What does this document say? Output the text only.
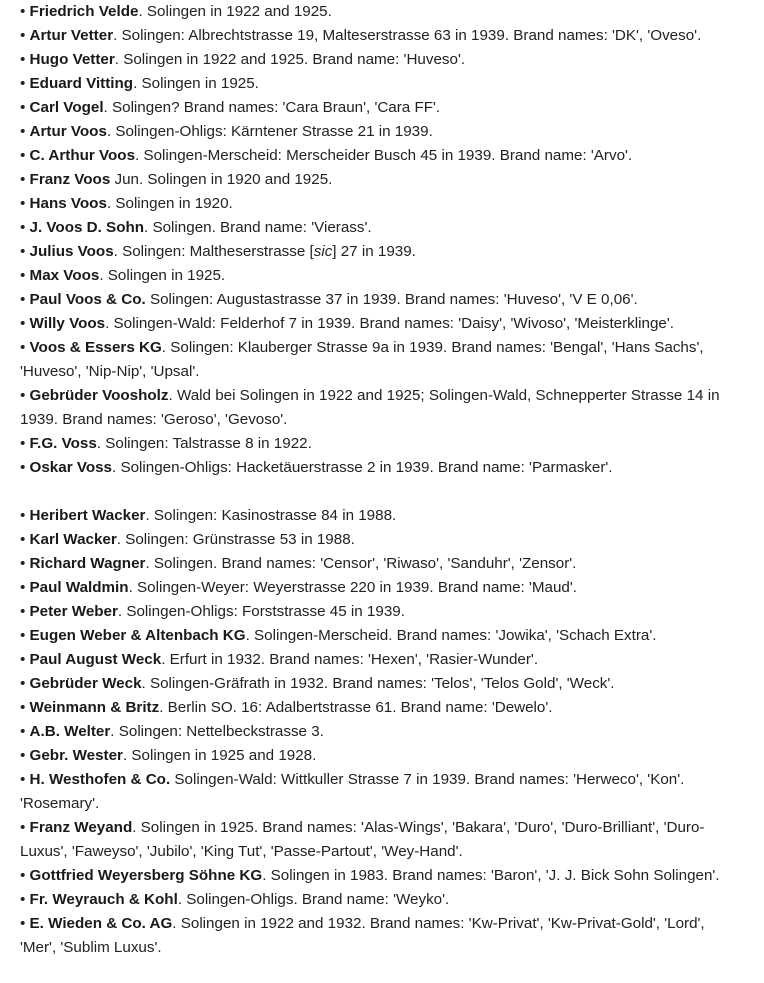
• Friedrich Velde. Solingen in 1922 and 1925.

• Artur Vetter. Solingen: Albrechtstrasse 19, Malteserstrasse 63 in 1939. Brand names: 'DK', 'Oveso'.

• Hugo Vetter. Solingen in 1922 and 1925. Brand name: 'Huveso'.

• Eduard Vitting. Solingen in 1925.

• Carl Vogel. Solingen? Brand names: 'Cara Braun', 'Cara FF'.

• Artur Voos. Solingen-Ohligs: Kärntener Strasse 21 in 1939.

• C. Arthur Voos. Solingen-Merscheid: Merscheider Busch 45 in 1939. Brand name: 'Arvo'.

• Franz Voos Jun. Solingen in 1920 and 1925.

• Hans Voos. Solingen in 1920.

• J. Voos D. Sohn. Solingen. Brand name: 'Vierass'.

• Julius Voos. Solingen: Maltheserstrasse [sic] 27 in 1939.

• Max Voos. Solingen in 1925.

• Paul Voos & Co. Solingen: Augustastrasse 37 in 1939. Brand names: 'Huveso', 'V E 0,06'.

• Willy Voos. Solingen-Wald: Felderhof 7 in 1939. Brand names: 'Daisy', 'Wivoso', 'Meisterklinge'.

• Voos & Essers KG. Solingen: Klauberger Strasse 9a in 1939. Brand names: 'Bengal', 'Hans Sachs', 'Huveso', 'Nip-Nip', 'Upsal'.

• Gebrüder Voosholz. Wald bei Solingen in 1922 and 1925; Solingen-Wald, Schnepperter Strasse 14 in 1939. Brand names: 'Geroso', 'Gevoso'.

• F.G. Voss. Solingen: Talstrasse 8 in 1922.

• Oskar Voss. Solingen-Ohligs: Hacketäuerstrasse 2 in 1939. Brand name: 'Parmasker'.

• Heribert Wacker. Solingen: Kasinostrasse 84 in 1988.

• Karl Wacker. Solingen: Grünstrasse 53 in 1988.

• Richard Wagner. Solingen. Brand names: 'Censor', 'Riwaso', 'Sanduhr', 'Zensor'.

• Paul Waldmin. Solingen-Weyer: Weyerstrasse 220 in 1939. Brand name: 'Maud'.

• Peter Weber. Solingen-Ohligs: Forststrasse 45 in 1939.

• Eugen Weber & Altenbach KG. Solingen-Merscheid. Brand names: 'Jowika', 'Schach Extra'.

• Paul August Weck. Erfurt in 1932. Brand names: 'Hexen', 'Rasier-Wunder'.

• Gebrüder Weck. Solingen-Gräfrath in 1932. Brand names: 'Telos', 'Telos Gold', 'Weck'.

• Weinmann & Britz. Berlin SO. 16: Adalbertstrasse 61. Brand name: 'Dewelo'.

• A.B. Welter. Solingen: Nettelbeckstrasse 3.

• Gebr. Wester. Solingen in 1925 and 1928.

• H. Westhofen & Co. Solingen-Wald: Wittkuller Strasse 7 in 1939. Brand names: 'Herweco', 'Kon'. 'Rosemary'.

• Franz Weyand. Solingen in 1925. Brand names: 'Alas-Wings', 'Bakara', 'Duro', 'Duro-Brilliant', 'Duro-Luxus', 'Faweyso', 'Jubilo', 'King Tut', 'Passe-Partout', 'Wey-Hand'.

• Gottfried Weyersberg Söhne KG. Solingen in 1983. Brand names: 'Baron', 'J. J. Bick Sohn Solingen'.

• Fr. Weyrauch & Kohl. Solingen-Ohligs. Brand name: 'Weyko'.

• E. Wieden & Co. AG. Solingen in 1922 and 1932. Brand names: 'Kw-Privat', 'Kw-Privat-Gold', 'Lord', 'Mer', 'Sublim Luxus'.
